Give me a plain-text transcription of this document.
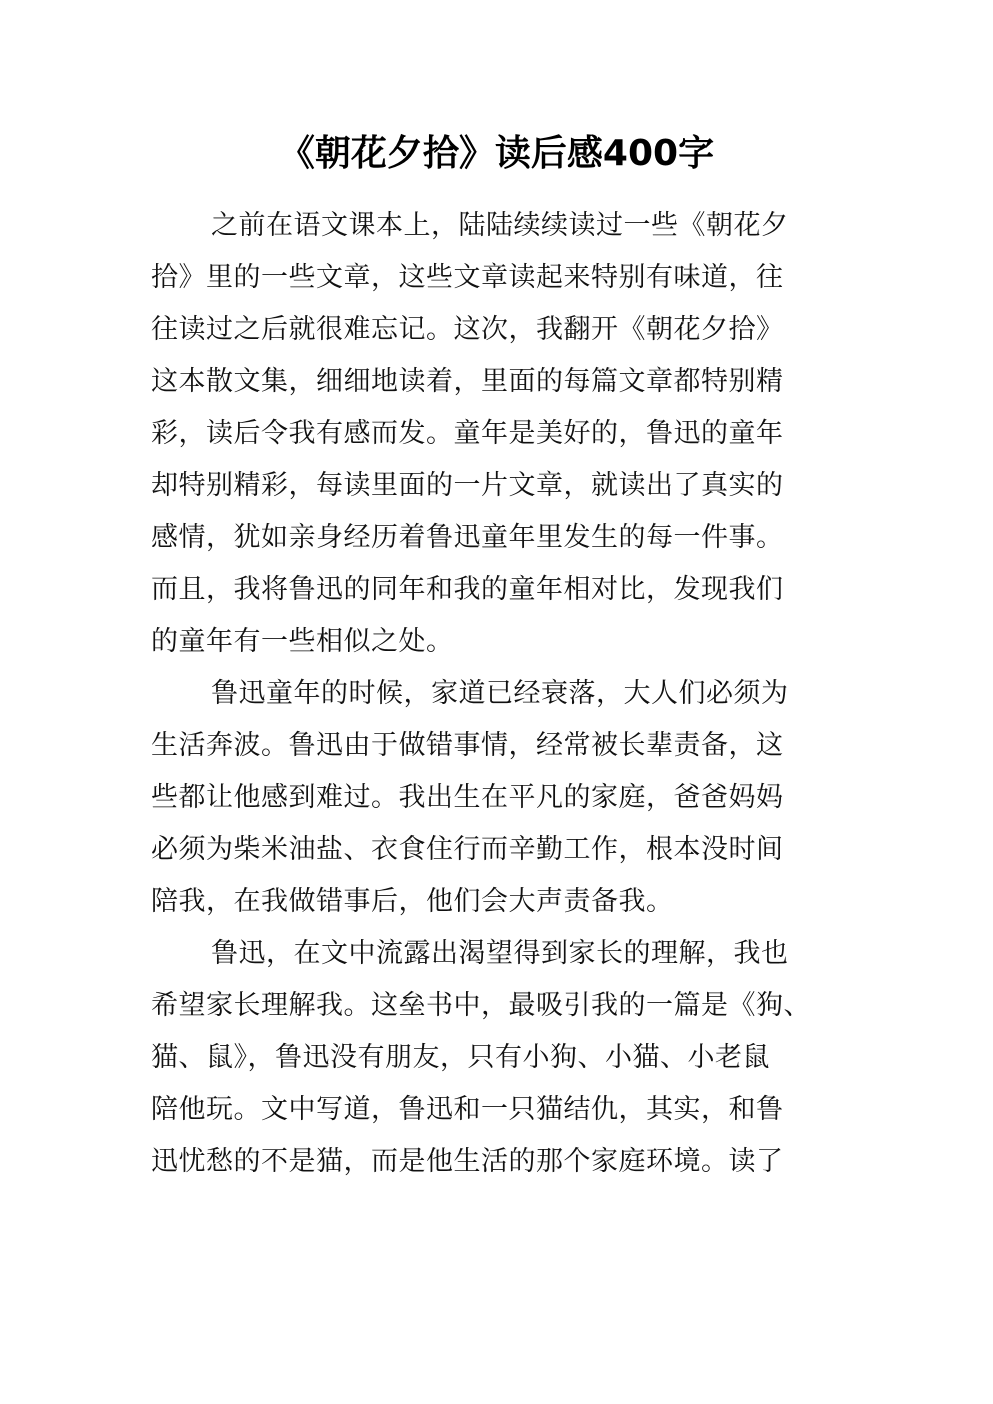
《朝花夕拾》读后感400字
之前在语文课本上，陆陆续续读过一些《朝花夕
拾》里的一些文章，这些文章读起来特别有味道，往
往读过之后就很难忘记。这次，我翻开《朝花夕拾》
这本散文集，细细地读着，里面的每篇文章都特别精
彩，读后令我有感而发。童年是美好的，鲁迅的童年
却特别精彩，每读里面的一片文章，就读出了真实的
感情，犹如亲身经历着鲁迅童年里发生的每一件事。
而且，我将鲁迅的同年和我的童年相对比，发现我们
的童年有一些相似之处。
鲁迅童年的时候，家道已经衰落，大人们必须为
生活奔波。鲁迅由于做错事情，经常被长辈责备，这
些都让他感到难过。我出生在平凡的家庭，爸爸妈妈
必须为柴米油盐、衣食住行而辛勤工作，根本没时间
陪我，在我做错事后，他们会大声责备我。
鲁迅，在文中流露出渴望得到家长的理解，我也
希望家长理解我。这垒书中，最吸引我的一篇是《狗、
猫、鼠》，鲁迅没有朋友，只有小狗、小猫、小老鼠
陪他玩。文中写道，鲁迅和一只猫结仇，其实，和鲁
迅忧愁的不是猫，而是他生活的那个家庭环境。读了
